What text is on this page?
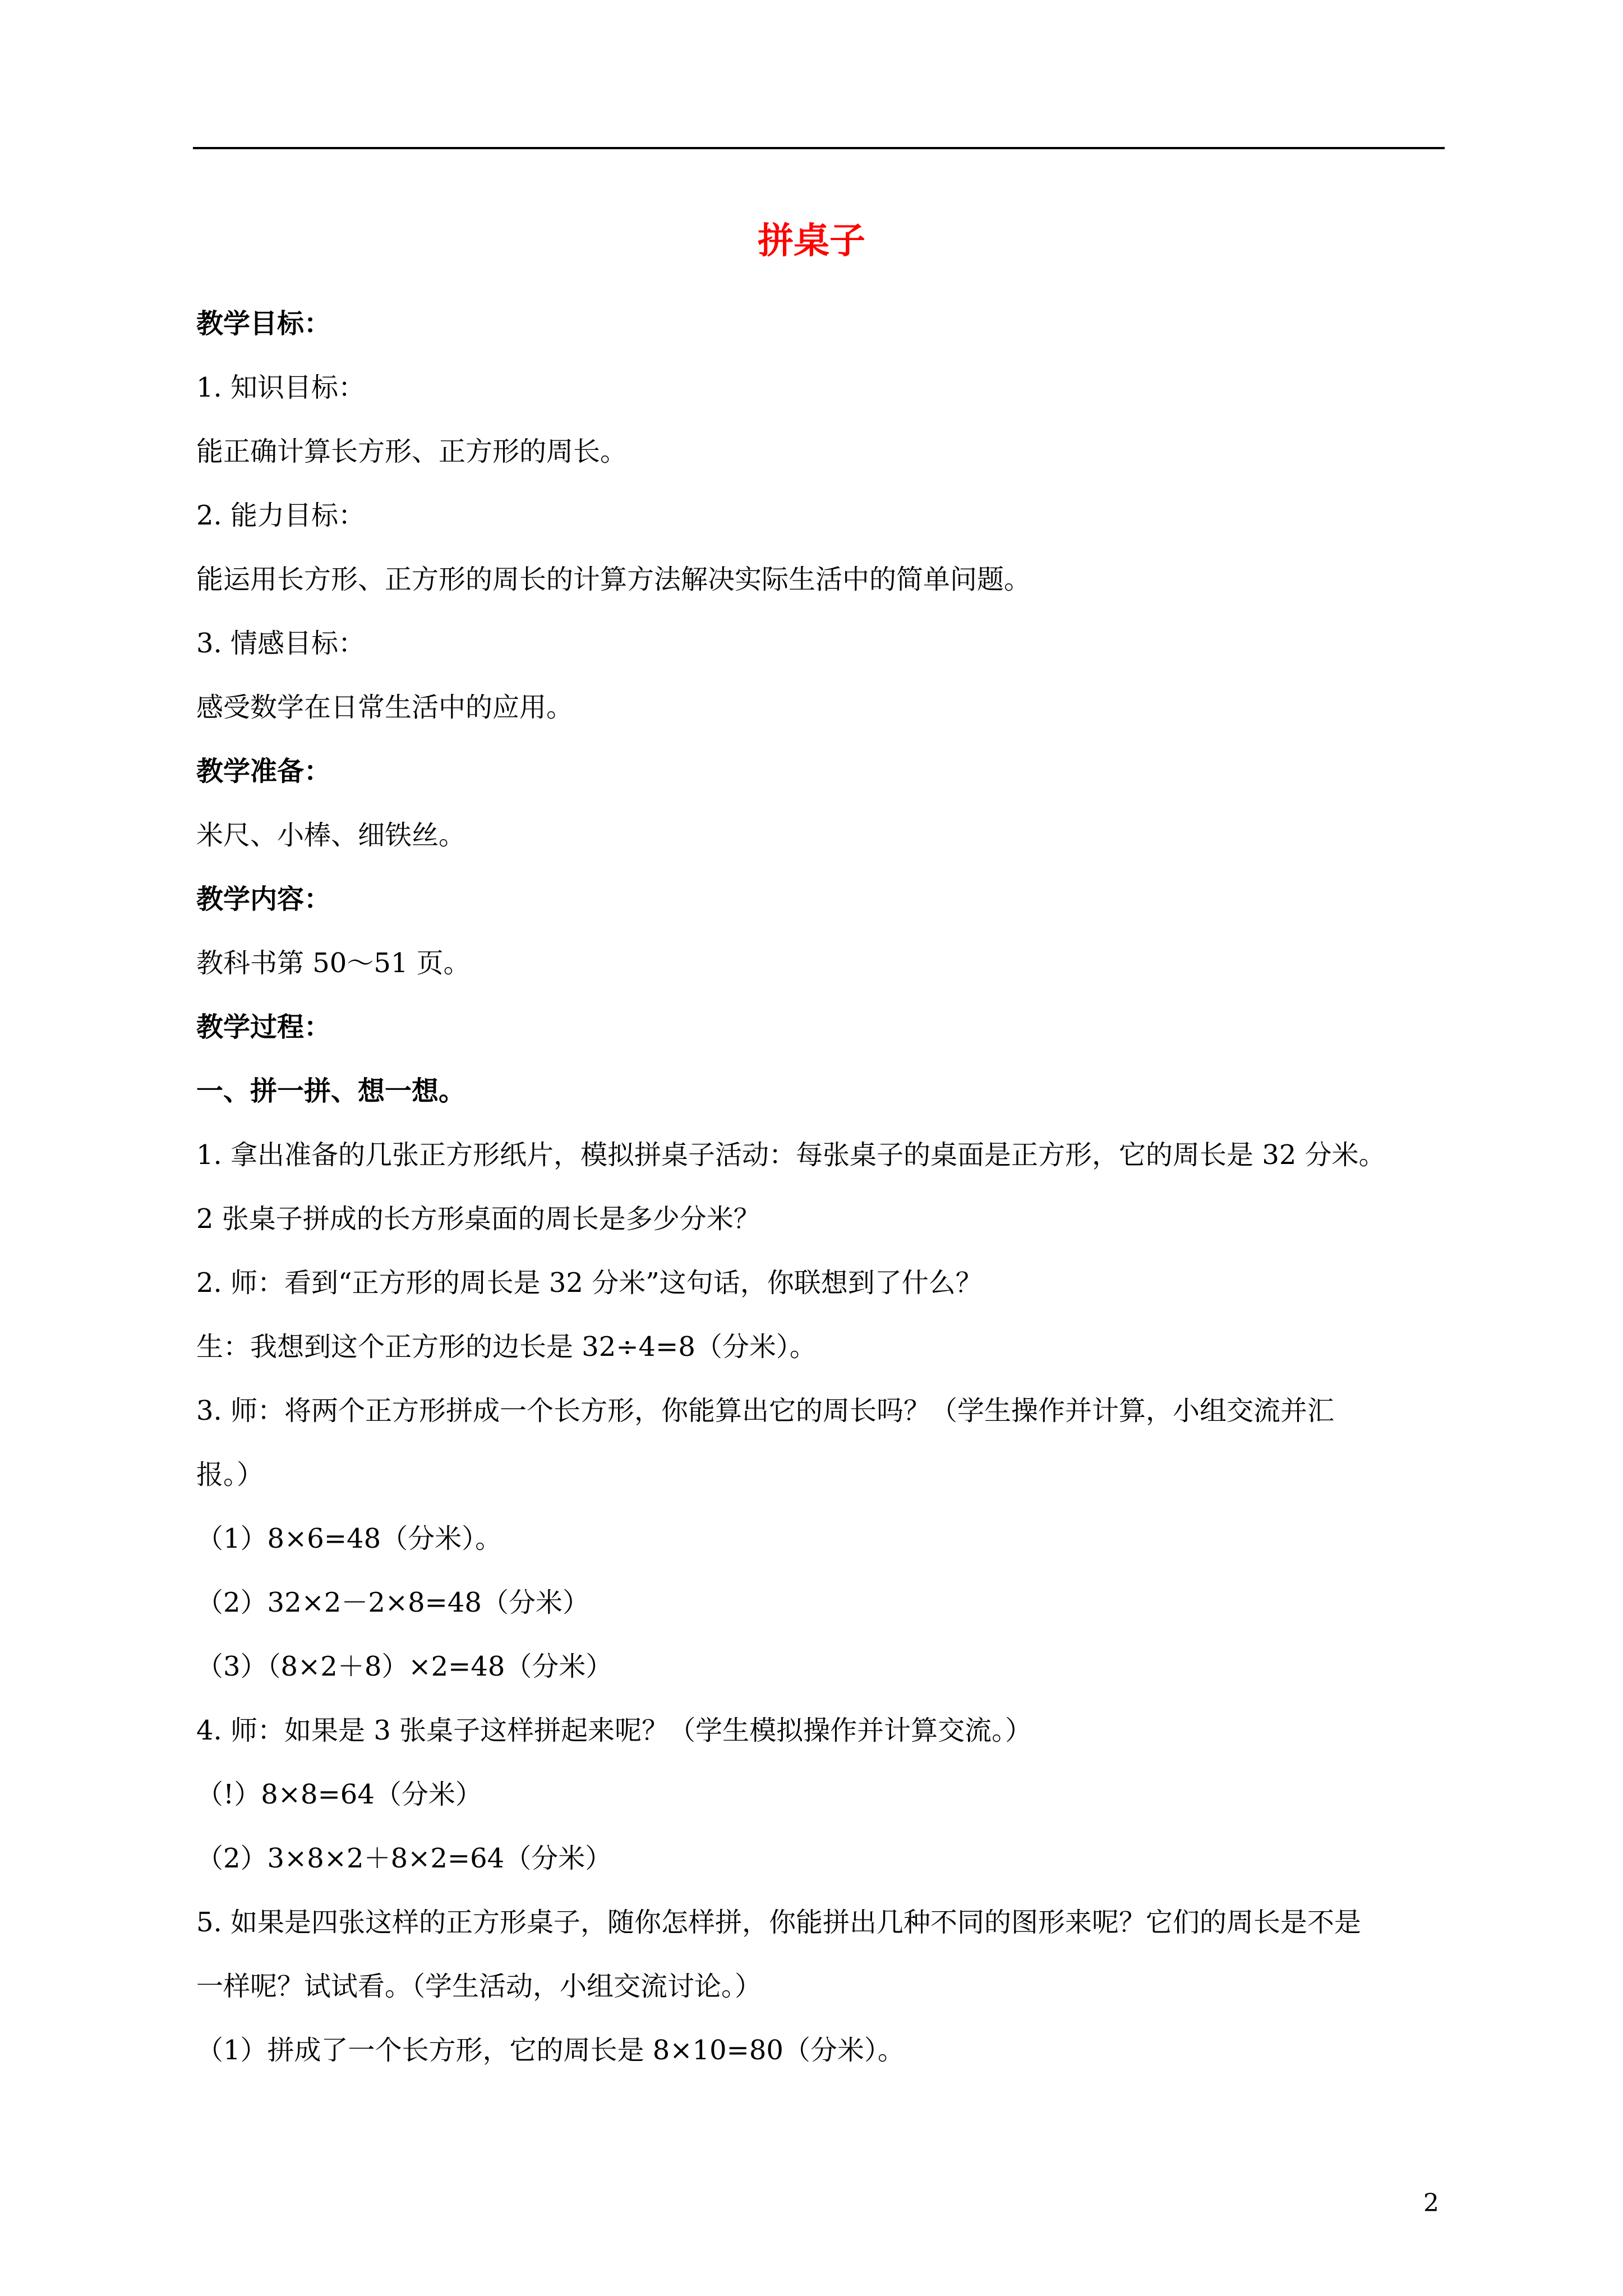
拼桌子

教学目标：

1. 知识目标：

能正确计算长方形、正方形的周长。

2. 能力目标：

能运用长方形、正方形的周长的计算方法解决实际生活中的简单问题。

3. 情感目标：

感受数学在日常生活中的应用。

教学准备：

米尺、小棒、细铁丝。

教学内容：

教科书第 50～51 页。

教学过程：

一、拼一拼、想一想。

1. 拿出准备的几张正方形纸片，模拟拼桌子活动：每张桌子的桌面是正方形，它的周长是 32 分米。

2 张桌子拼成的长方形桌面的周长是多少分米？

2. 师：看到“正方形的周长是 32 分米”这句话，你联想到了什么？

生：我想到这个正方形的边长是 32÷4=8（分米）。

3. 师：将两个正方形拼成一个长方形，你能算出它的周长吗？（学生操作并计算，小组交流并汇

报。）

（1）8×6=48（分米）。

（2）32×2－2×8=48（分米）

（3）（8×2＋8）×2=48（分米）

4. 师：如果是 3 张桌子这样拼起来呢？（学生模拟操作并计算交流。）

（!）8×8=64（分米）

（2）3×8×2＋8×2=64（分米）

5. 如果是四张这样的正方形桌子，随你怎样拼，你能拼出几种不同的图形来呢？它们的周长是不是

一样呢？试试看。（学生活动，小组交流讨论。）

（1）拼成了一个长方形，它的周长是 8×10=80（分米）。

2
